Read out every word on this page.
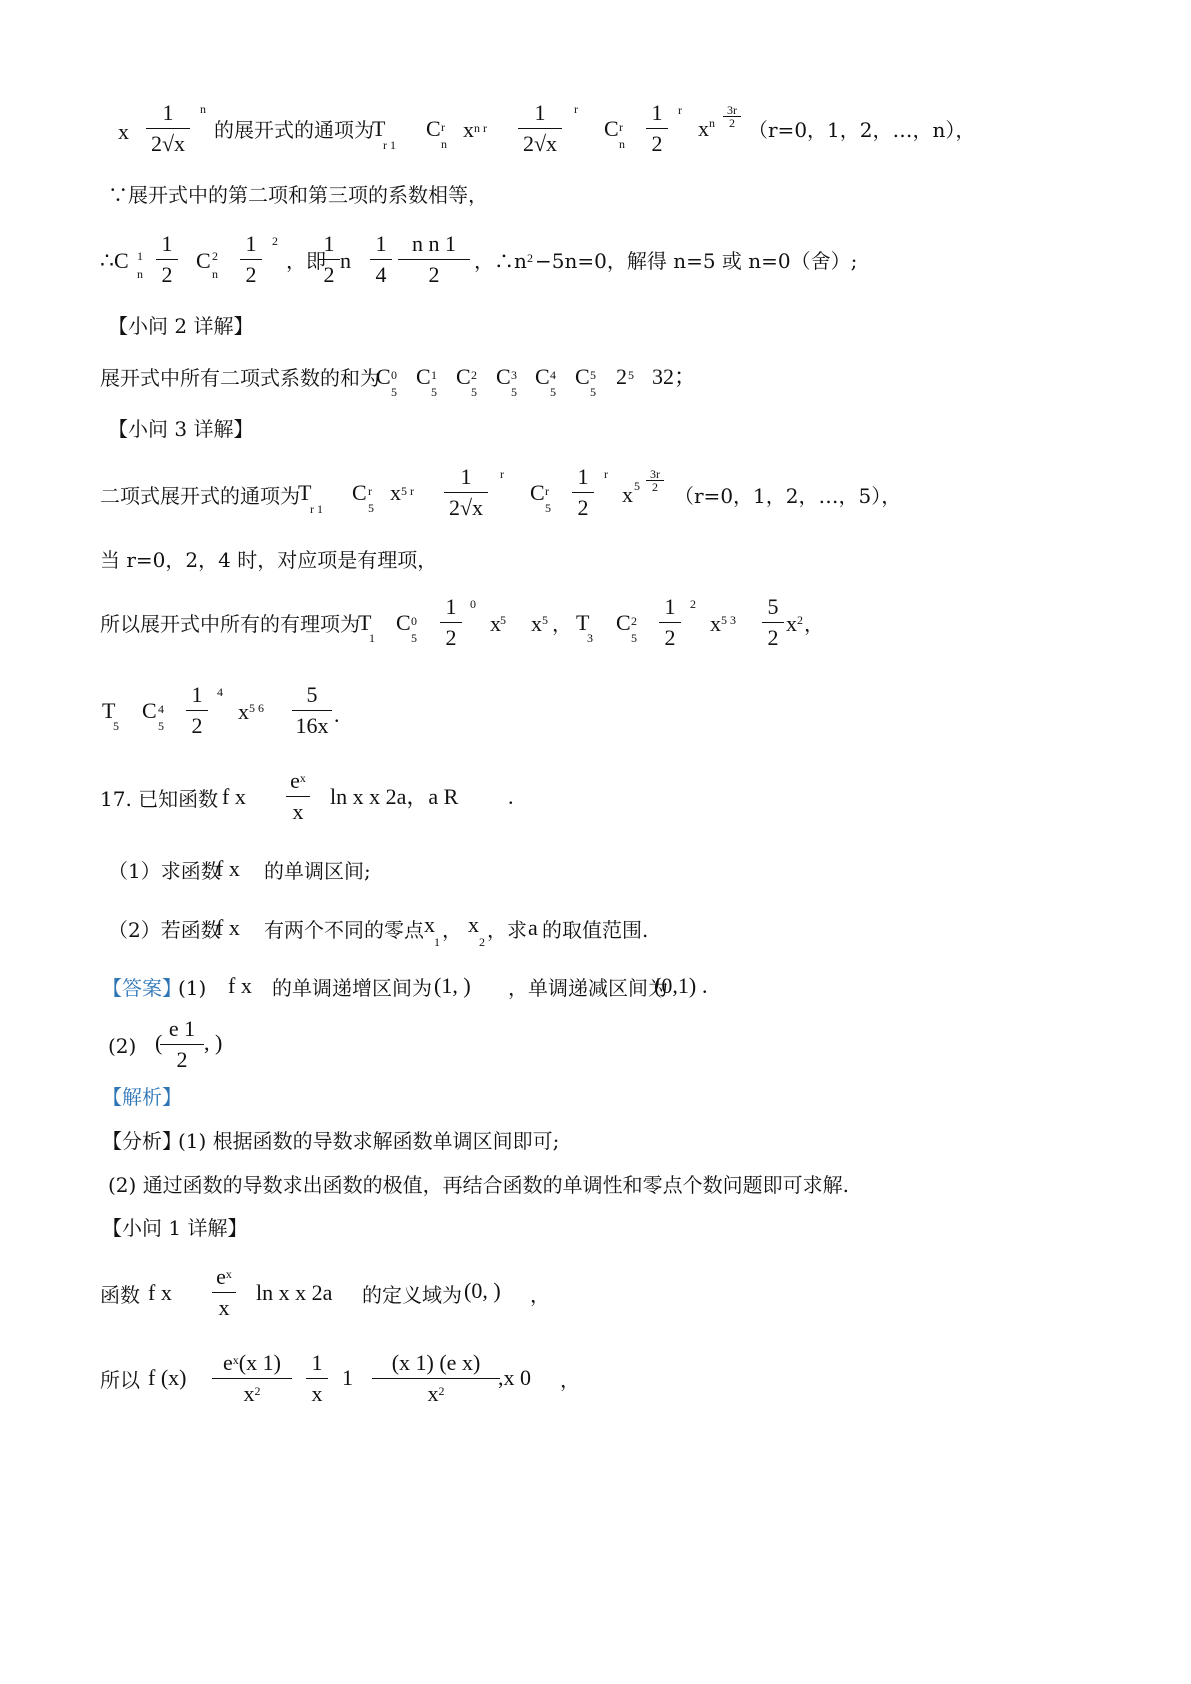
x
1
2√x
n
的展开式的通项为
T
r 1
C r
n
x n r
1
2√x
r
C r
n
1
2
r
x n
3r
2 （r=0，1，2，…，n），
∵展开式中的第二项和第三项的系数相等，
∴C 1
n
1
2
C 2
n
1
2
2
，即
1
2
n
1
4
n n 1
2
，∴n 2 −5n=0，解得 n=5 或 n=0（舍）;
【小问 2 详解】
展开式中所有二项式系数的和为
C 0
5
C 1
5
C 2
5
C 3
5
C 4
5
C 5
5
2 5 32；
【小问 3 详解】
二项式展开式的通项为
T
r 1
C r
5
x 5 r
1
2√x
r
C r
5
1
2
r
x 5
3r
2 （r=0，1，2，…，5），
当 r=0，2，4 时，对应项是有理项，
所以展开式中所有的有理项为
T
1
C 0
5
1
2
0
x 5 x 5 ， T
3
C 2
5
1
2
2
x 5 3
5
2
x 2 ，
T
5
C 4
5
1
2
4
x 5 6
5
16x .
17. 已知函数 f x
$e^x$
x
ln x x 2a，a R .
（1）求函数
f x 的单调区间;
（2）若函数
f x 有两个不同的零点 x
1 ， x
2 ，求 a 的取值范围.
【答案】
(1) f x 的单调递增区间为 (1, ) ，单调递减区间为
(0,1) .
(2) (
e 1
2
, )
【解析】
【分析】
(1) 根据函数的导数求解函数单调区间即可;
(2) 通过函数的导数求出函数的极值，再结合函数的单调性和零点个数问题即可求解.
【小问 1 详解】
函数 f x
$e^x$
x
ln x x 2a 的定义域为 (0, ) ，
所以 f (x)
$e^x(x$ 1)
$x^2$
1
x
1
(x 1) (e x)
$x^2$
,x 0 ，
